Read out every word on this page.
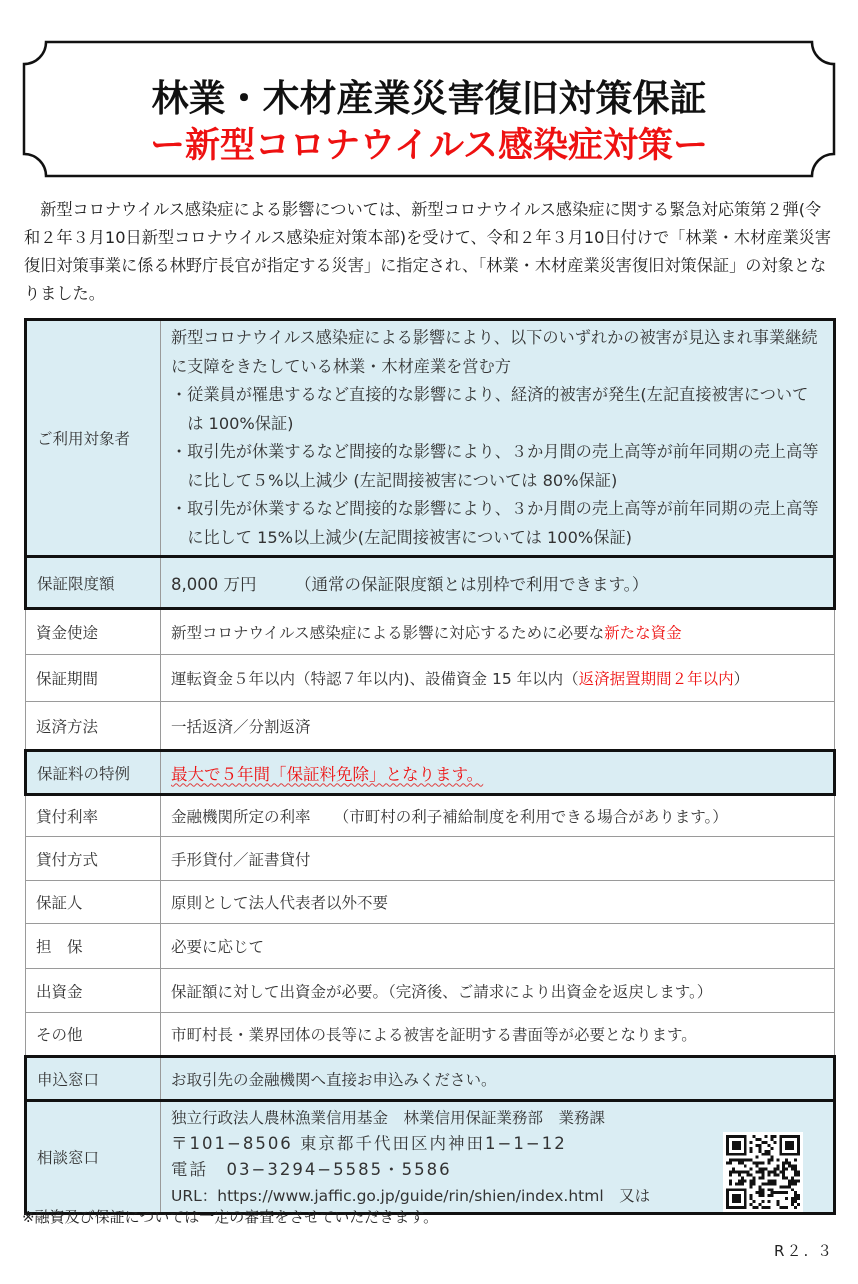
林業・木材産業災害復旧対策保証
ー新型コロナウイルス感染症対策ー
新型コロナウイルス感染症による影響については、新型コロナウイルス感染症に関する緊急対応策第２弾(令和２年３月10日新型コロナウイルス感染症対策本部)を受けて、令和２年３月10日付けで「林業・木材産業災害復旧対策事業に係る林野庁長官が指定する災害」に指定され、「林業・木材産業災害復旧対策保証」の対象となりました。
ご利用対象者	新型コロナウイルス感染症による影響により、以下のいずれかの被害が見込まれ事業継続に支障をきたしている林業・木材産業を営む方
・従業員が罹患するなど直接的な影響により、経済的被害が発生(左記直接被害については 100%保証)
・取引先が休業するなど間接的な影響により、３か月間の売上高等が前年同期の売上高等に比して５%以上減少 (左記間接被害については 80%保証)
・取引先が休業するなど間接的な影響により、３か月間の売上高等が前年同期の売上高等に比して 15%以上減少(左記間接被害については 100%保証)

保証限度額	8,000 万円 （通常の保証限度額とは別枠で利用できます。）
資金使途	新型コロナウイルス感染症による影響に対応するために必要な新たな資金
保証期間	運転資金５年以内（特認７年以内)、設備資金 15 年以内（返済据置期間２年以内）
返済方法	一括返済／分割返済
保証料の特例	最大で５年間「保証料免除」となります。
貸付利率	金融機関所定の利率　　（市町村の利子補給制度を利用できる場合があります。）
貸付方式	手形貸付／証書貸付
保証人	原則として法人代表者以外不要
担　保	必要に応じて
出資金	保証額に対して出資金が必要。（完済後、ご請求により出資金を返戻します。）
その他	市町村長・業界団体の長等による被害を証明する書面等が必要となります。
申込窓口	お取引先の金融機関へ直接お申込みください。
相談窓口	独立行政法人農林漁業信用基金　林業信用保証業務部　業務課
〒101−8506 東京都千代田区内神田1−1−12
電話　03−3294−5585・5586
URL：https://www.jaffic.go.jp/guide/rin/shien/index.html　又は
※融資及び保証については一定の審査をさせていただきます。
R２. ３
